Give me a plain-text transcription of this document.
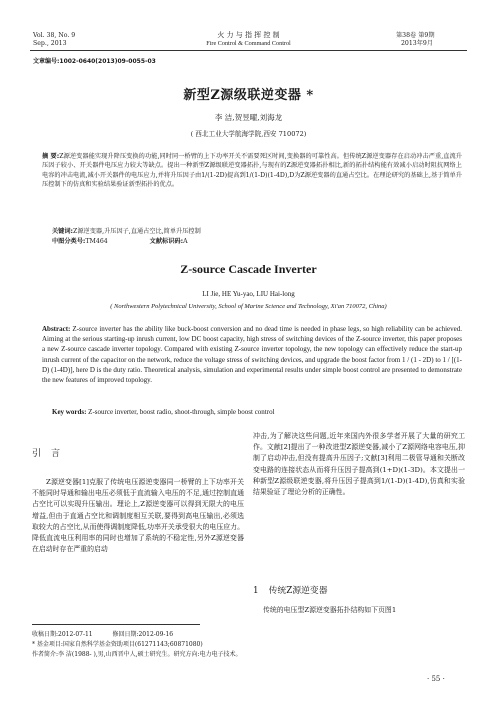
Vol. 38, No. 9
Sep., 2013
火 力 与 指 挥 控 制
Fire Control & Command Control
第38卷 第9期
2013年9月
文章编号:1002-0640(2013)09-0055-03
新型Z源级联逆变器 *
李 洁,贺昱曜,刘海龙
( 西北工业大学航海学院,西安 710072)
摘 要:Z源逆变器能实现升降压变换的功能,同时同一桥臂的上下功率开关不需要死区时间,变换器的可靠性高。但传统Z源逆变器存在启动冲击严重,直流升压因子较小、开关器件电压应力较大等缺点。提出一种新型Z源级联逆变器拓扑,与现有的Z源逆变器拓扑相比,新的拓扑结构能有效减小启动时阻抗网络上电容的冲击电流,减小开关器件的电压应力,并将升压因子由1/(1-2D)提高到1/(1-D)(1-4D),D为Z源逆变器的直通占空比。在理论研究的基础上,基于简单升压控制下的仿真和实验结果验证新型拓扑的优点。
关键词:Z源逆变器,升压因子,直通占空比,简单升压控制
中图分类号:TM464	文献标识码:A
Z-source Cascade Inverter
LI Jie, HE Yu-yao, LIU Hai-long
( Northwestern Polytechnical University, School of Marine Science and Technology, Xi'an 710072, China)
Abstract: Z-source inverter has the ability like buck-boost conversion and no dead time is needed in phase legs, so high reliability can be achieved. Aiming at the serious starting-up inrush current, low DC boost capacity, high stress of switching devices of the Z-source inverter, this paper proposes a new Z-source cascade inverter topology. Compared with existing Z-source inverter topology, the new topology can effectively reduce the start-up inrush current of the capacitor on the network, reduce the voltage stress of switching devices, and upgrade the boost factor from 1 / (1 - 2D) to 1 / [(1-D) (1-4D)], here D is the duty ratio. Theoretical analysis, simulation and experimental results under simple boost control are presented to demonstrate the new features of improved topology.
Key words: Z-source inverter, boost radio, shoot-through, simple boost control
引言
Z源逆变器[1]克服了传统电压源逆变器同一桥臂的上下功率开关不能同时导通和输出电压必须低于直流输入电压的不足,通过控制直通占空比可以实现升压输出。理论上,Z源逆变器可以得到无限大的电压增益,但由于直通占空比和调制度相互关联,要得到高电压输出,必须选取较大的占空比,从而使得调制度降低,功率开关承受很大的电压应力。降低直流电压利用率的同时也增加了系统的不稳定性,另外Z源逆变器在启动时存在严重的启动
冲击,为了解决这些问题,近年来国内外很多学者开展了大量的研究工作。文献[2]提出了一种改进型Z源逆变器,减小了Z源网络电容电压,抑制了启动冲击,但没有提高升压因子;文献[3]利用二极管导通和关断改变电路的连接状态从而将升压因子提高到(1+D)(1-3D)。本文提出一种新型Z源级联逆变器,将升压因子提高到1/(1-D)(1-4D),仿真和实验结果验证了理论分析的正确性。
1 传统Z源逆变器
传统的电压型Z源逆变器拓扑结构如下页图1
收稿日期:2012-07-11	修回日期:2012-09-16
* 基金项目:国家自然科学基金资助项目(61271143;60871080)
作者简介:李 洁(1988- ),男,山西晋中人,硕士研究生。研究方向:电力电子技术。
· 55 ·
